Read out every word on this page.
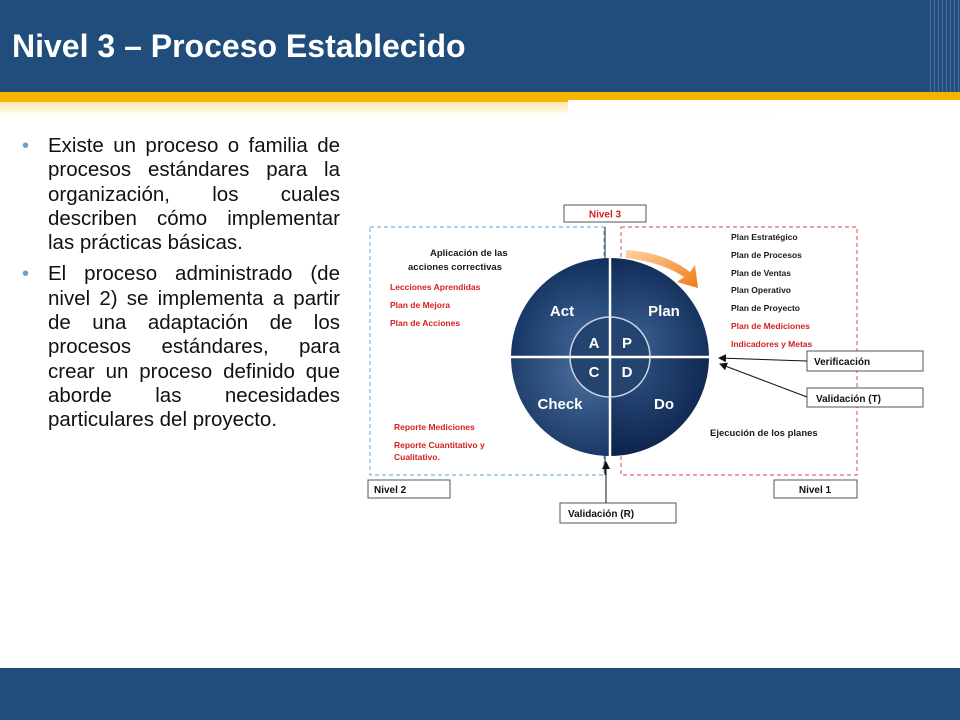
Nivel 3 – Proceso Establecido
• Existe un proceso o familia de procesos estándares para la organización, los cuales describen cómo implementar las prácticas básicas.
• El proceso administrado (de nivel 2) se implementa a partir de una adaptación de los procesos estándares, para crear un proceso definido que aborde las necesidades particulares del proyecto.
Nivel 3
Nivel 2	Nivel 1
Act	Plan
Check	Do
A P
C D
Aplicación de las
acciones correctivas
Lecciones Aprendidas
Plan de Mejora
Plan de Acciones
Reporte Mediciones
Reporte Cuantitativo y
Cualitativo.
Plan Estratégico
Plan de Procesos
Plan de Ventas
Plan Operativo
Plan de Proyecto
Plan de Mediciones
Indicadores y Metas
Ejecución de los planes
Verificación
Validación (T)
Validación (R)
